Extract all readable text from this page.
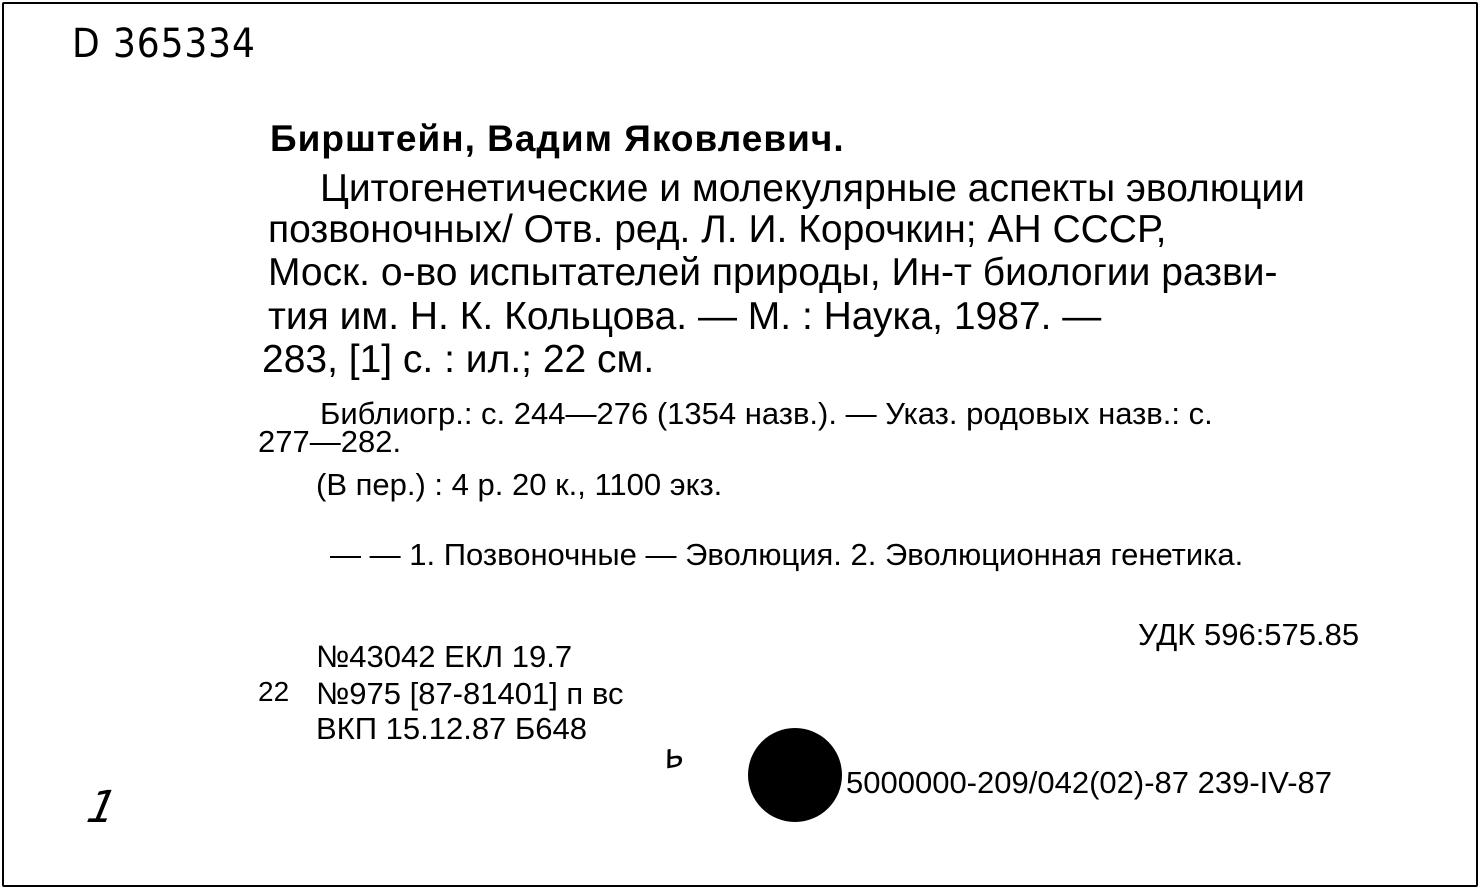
D 365334
Бирштейн, Вадим Яковлевич.
Цитогенетические и молекулярные аспекты эволюции
позвоночных/ Отв. ред. Л. И. Корочкин; АН СССР,
Моск. о-во испытателей природы, Ин-т биологии разви-
тия им. Н. К. Кольцова. — М. : Наука, 1987. —
283, [1] с. : ил.; 22 см.
Библиогр.: с. 244—276 (1354 назв.). — Указ. родовых назв.: с.
277—282.
(В пер.) : 4 р. 20 к., 1100 экз.
— — 1. Позвоночные — Эволюция. 2. Эволюционная генетика.
УДК 596:575.85
№43042 ЕКЛ 19.7
22 №975 [87-81401] п вс
ВКП 15.12.87 Б648
ь
5000000-209/042(02)-87 239-IV-87
1
